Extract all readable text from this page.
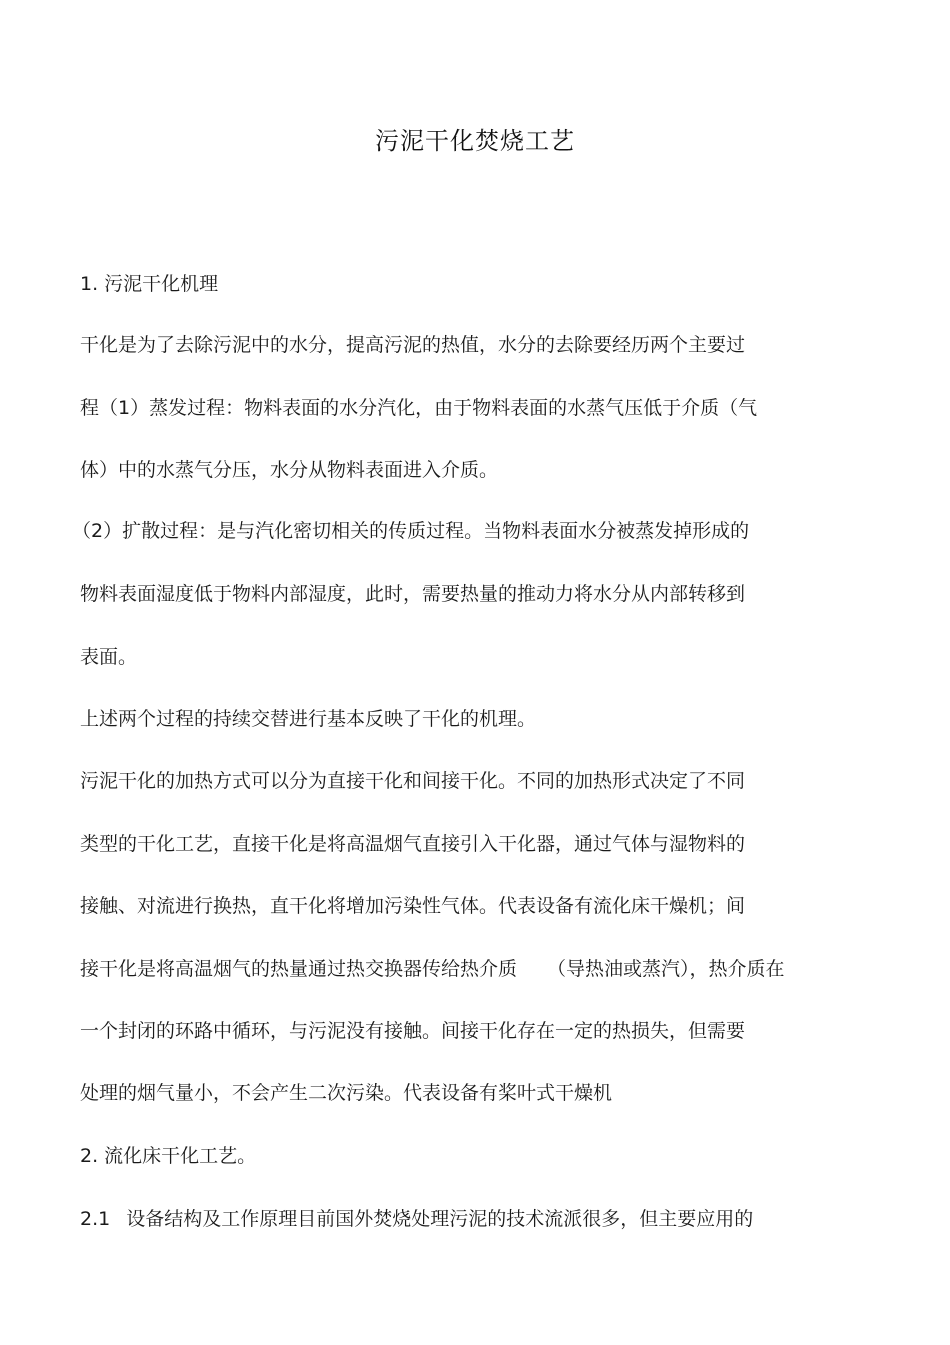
污泥干化焚烧工艺
1. 污泥干化机理
干化是为了去除污泥中的水分，提高污泥的热值，水分的去除要经历两个主要过
程（1）蒸发过程：物料表面的水分汽化，由于物料表面的水蒸气压低于介质（气
体）中的水蒸气分压，水分从物料表面进入介质。
（2）扩散过程：是与汽化密切相关的传质过程。当物料表面水分被蒸发掉形成的
物料表面湿度低于物料内部湿度，此时，需要热量的推动力将水分从内部转移到
表面。
上述两个过程的持续交替进行基本反映了干化的机理。
污泥干化的加热方式可以分为直接干化和间接干化。不同的加热形式决定了不同
类型的干化工艺，直接干化是将高温烟气直接引入干化器，通过气体与湿物料的
接触、对流进行换热，直干化将增加污染性气体。代表设备有流化床干燥机；间
接干化是将高温烟气的热量通过热交换器传给热介质 （导热油或蒸汽），热介质在
一个封闭的环路中循环，与污泥没有接触。间接干化存在一定的热损失，但需要
处理的烟气量小，不会产生二次污染。代表设备有桨叶式干燥机
2. 流化床干化工艺。
2.1 设备结构及工作原理目前国外焚烧处理污泥的技术流派很多，但主要应用的
